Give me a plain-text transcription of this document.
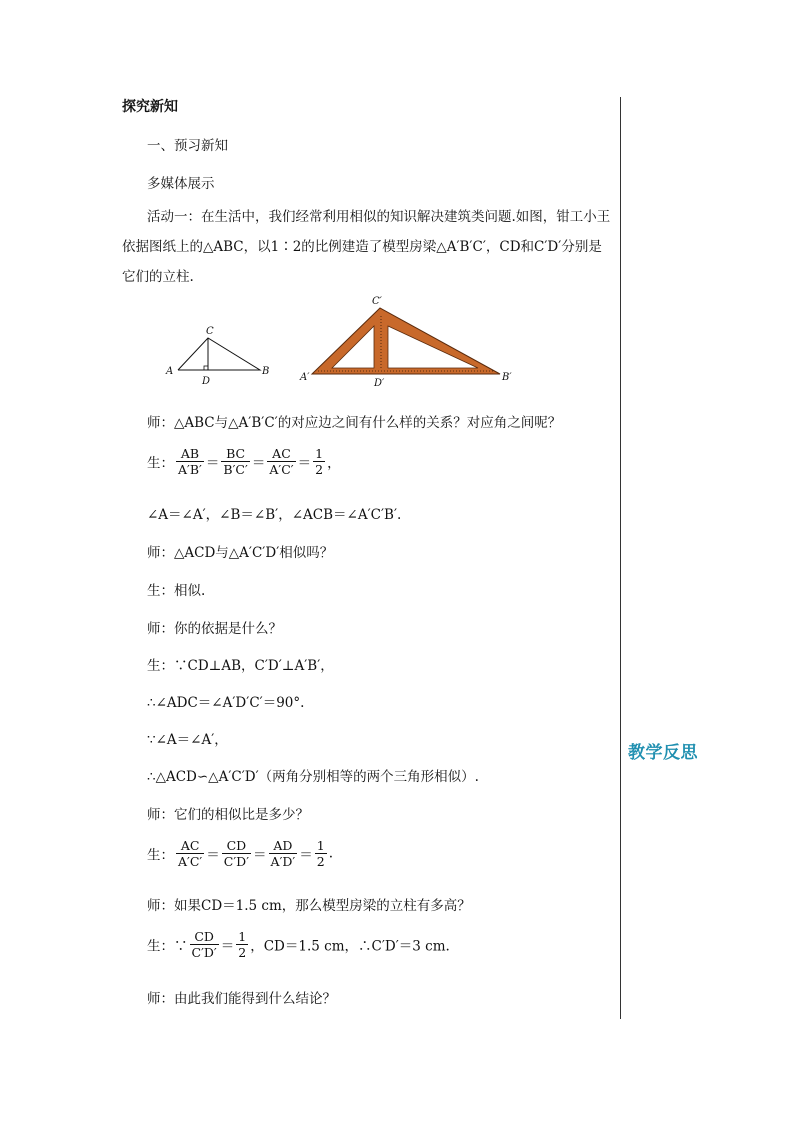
探究新知
一、预习新知
多媒体展示
活动一：在生活中，我们经常利用相似的知识解决建筑类问题.如图，钳工小王依据图纸上的△ABC，以1∶2的比例建造了模型房梁△A′B′C′，CD和C′D′分别是它们的立柱.
A
C
B
D	A′
C′
B′
D′
师：△ABC与△A′B′C′的对应边之间有什么样的关系？对应角之间呢？
生： $\frac{AB}{A'B'} = \frac{BC}{B'C'} = \frac{AC}{A'C'} = \frac{1}{2}$ ，
∠A＝∠A′，∠B＝∠B′，∠ACB＝∠A′C′B′.
师：△ACD与△A′C′D′相似吗？
生：相似.
师：你的依据是什么？
生：∵CD⊥AB，C′D′⊥A′B′，
∴∠ADC＝∠A′D′C′＝90°.
∵∠A＝∠A′，
∴△ACD∽△A′C′D′（两角分别相等的两个三角形相似）.
师：它们的相似比是多少？
生： $\frac{AC}{A'C'} = \frac{CD}{C'D'} = \frac{AD}{A'D'} = \frac{1}{2}$ .
师：如果CD＝1.5 cm，那么模型房梁的立柱有多高？
生：∵ $\frac{CD}{C'D'} = \frac{1}{2}$ ，CD＝1.5 cm，∴C′D′＝3 cm.
师：由此我们能得到什么结论？
教学反思
